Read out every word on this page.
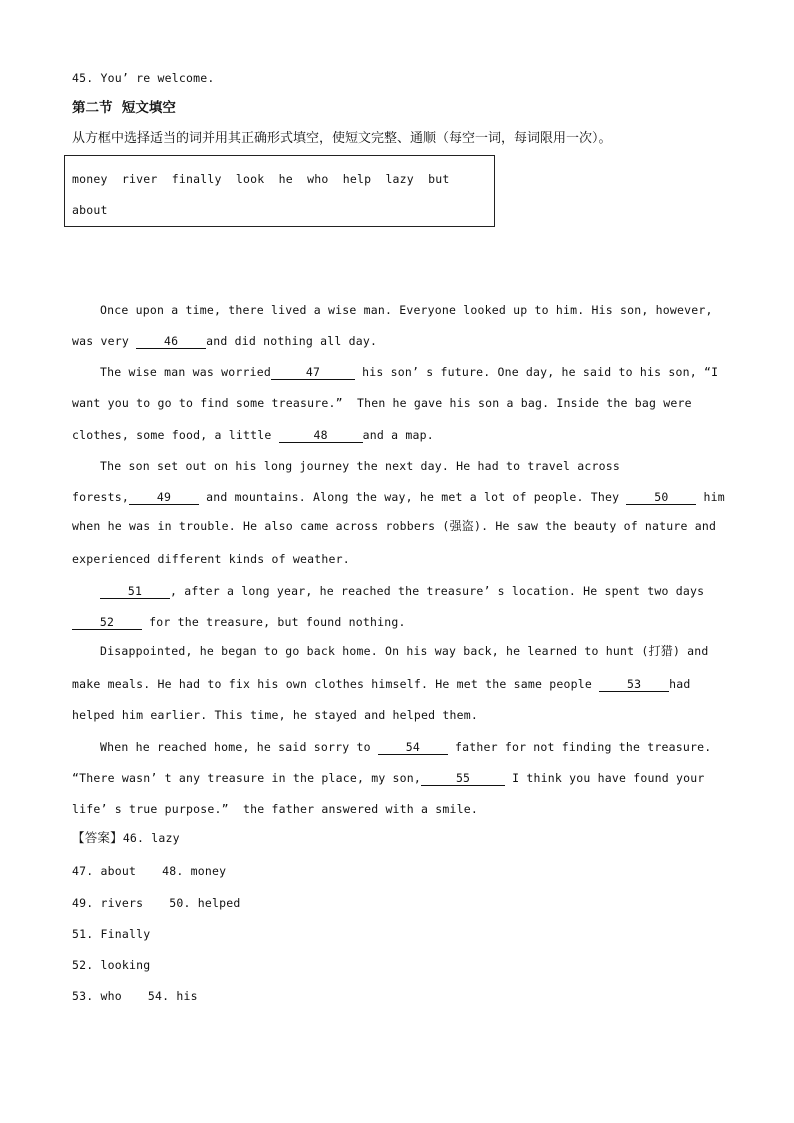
45. You’ re welcome.
第二节  短文填空
从方框中选择适当的词并用其正确形式填空，使短文完整、通顺（每空一词，每词限用一次）。
money  river  finally  look  he  who  help  lazy  but
about
Once upon a time, there lived a wise man. Everyone looked up to him. His son, however,
was very 46 and did nothing all day.
The wise man was worried	47	his son’ s future. One day, he said to his son, “I
want you to go to find some treasure.”  Then he gave his son a bag. Inside the bag were
clothes, some food, a little	48	and a map.
The son set out on his long journey the next day. He had to travel across
forests, 49 and mountains. Along the way, he met a lot of people. They 50 him
when he was in trouble. He also came across robbers (强盗). He saw the beauty of nature and
experienced different kinds of weather.
51 , after a long year, he reached the treasure’ s location. He spent two days
52 for the treasure, but found nothing.
Disappointed, he began to go back home. On his way back, he learned to hunt (打猎) and
make meals. He had to fix his own clothes himself. He met the same people 53 had
helped him earlier. This time, he stayed and helped them.
When he reached home, he said sorry to 54 father for not finding the treasure.
“There wasn’ t any treasure in the place, my son,	55	I think you have found your
life’ s true purpose.”  the father answered with a smile.
【答案】46. lazy
47. about 48. money
49. rivers 50. helped
51. Finally
52. looking
53. who 54. his
